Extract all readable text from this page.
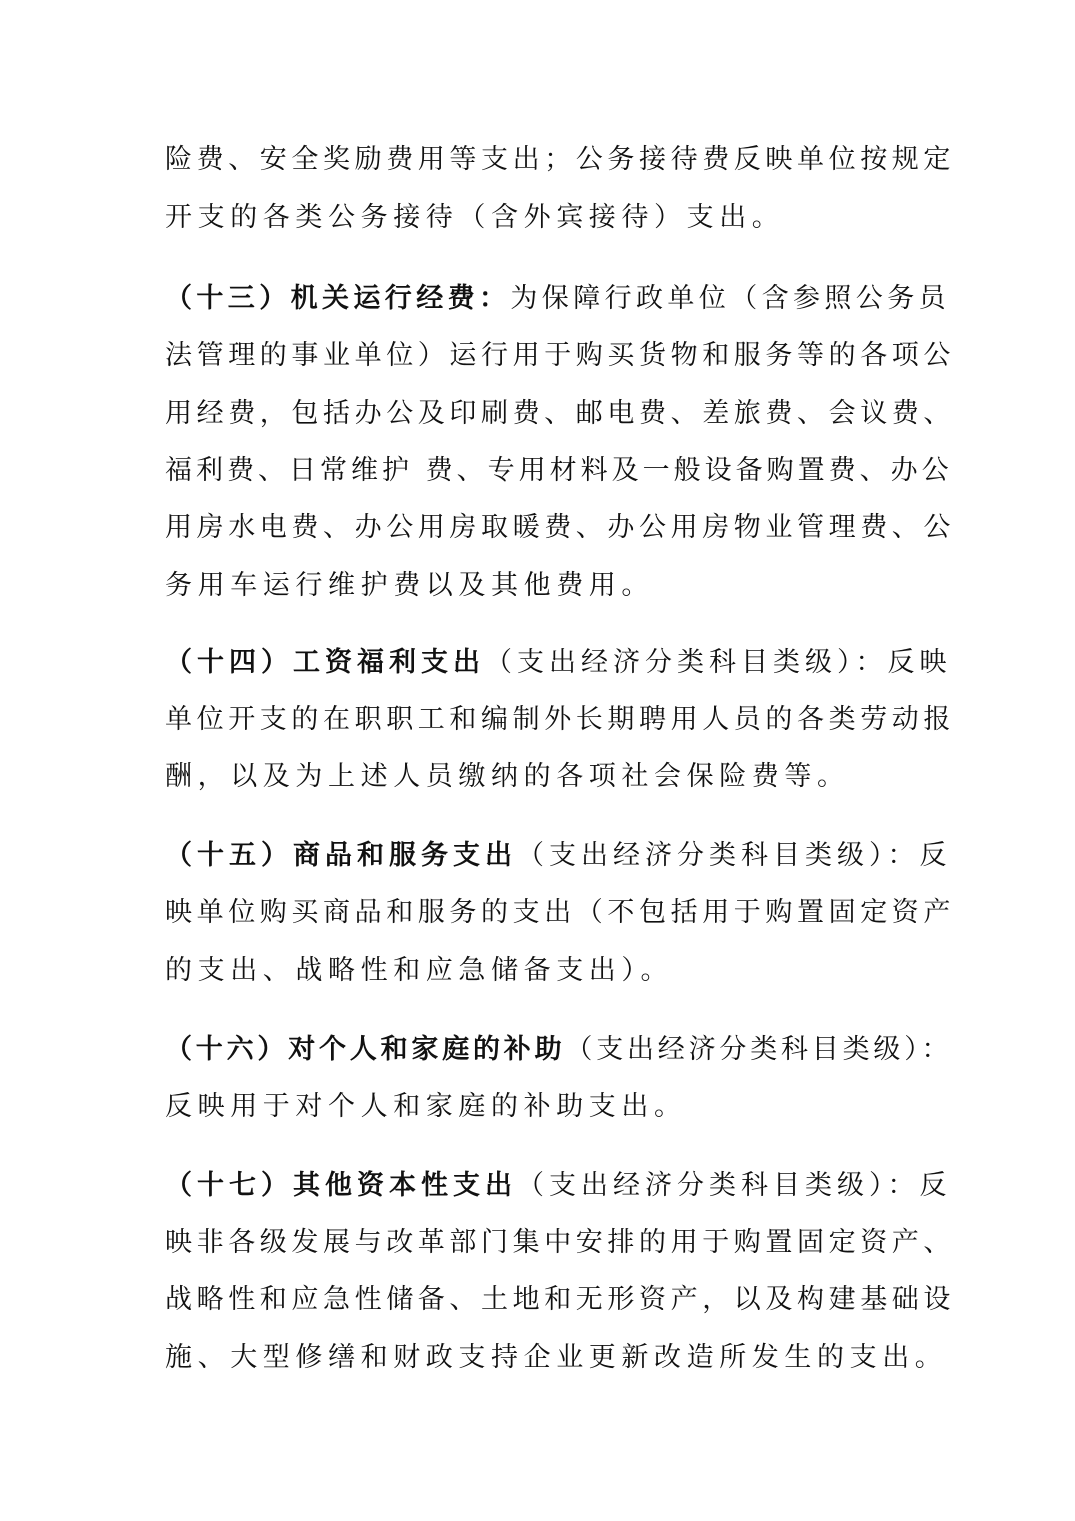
险费、安全奖励费用等支出；公务接待费反映单位按规定
开支的各类公务接待（含外宾接待）支出。
（十三）机关运行经费：为保障行政单位（含参照公务员
法管理的事业单位）运行用于购买货物和服务等的各项公
用经费，包括办公及印刷费、邮电费、差旅费、会议费、
福利费、日常维护 费、专用材料及一般设备购置费、办公
用房水电费、办公用房取暖费、办公用房物业管理费、公
务用车运行维护费以及其他费用。
（十四）工资福利支出（支出经济分类科目类级）：反映
单位开支的在职职工和编制外长期聘用人员的各类劳动报
酬，以及为上述人员缴纳的各项社会保险费等。
（十五）商品和服务支出（支出经济分类科目类级）：反
映单位购买商品和服务的支出（不包括用于购置固定资产
的支出、战略性和应急储备支出）。
（十六）对个人和家庭的补助（支出经济分类科目类级）：
反映用于对个人和家庭的补助支出。
（十七）其他资本性支出（支出经济分类科目类级）：反
映非各级发展与改革部门集中安排的用于购置固定资产、
战略性和应急性储备、土地和无形资产，以及构建基础设
施、大型修缮和财政支持企业更新改造所发生的支出。
